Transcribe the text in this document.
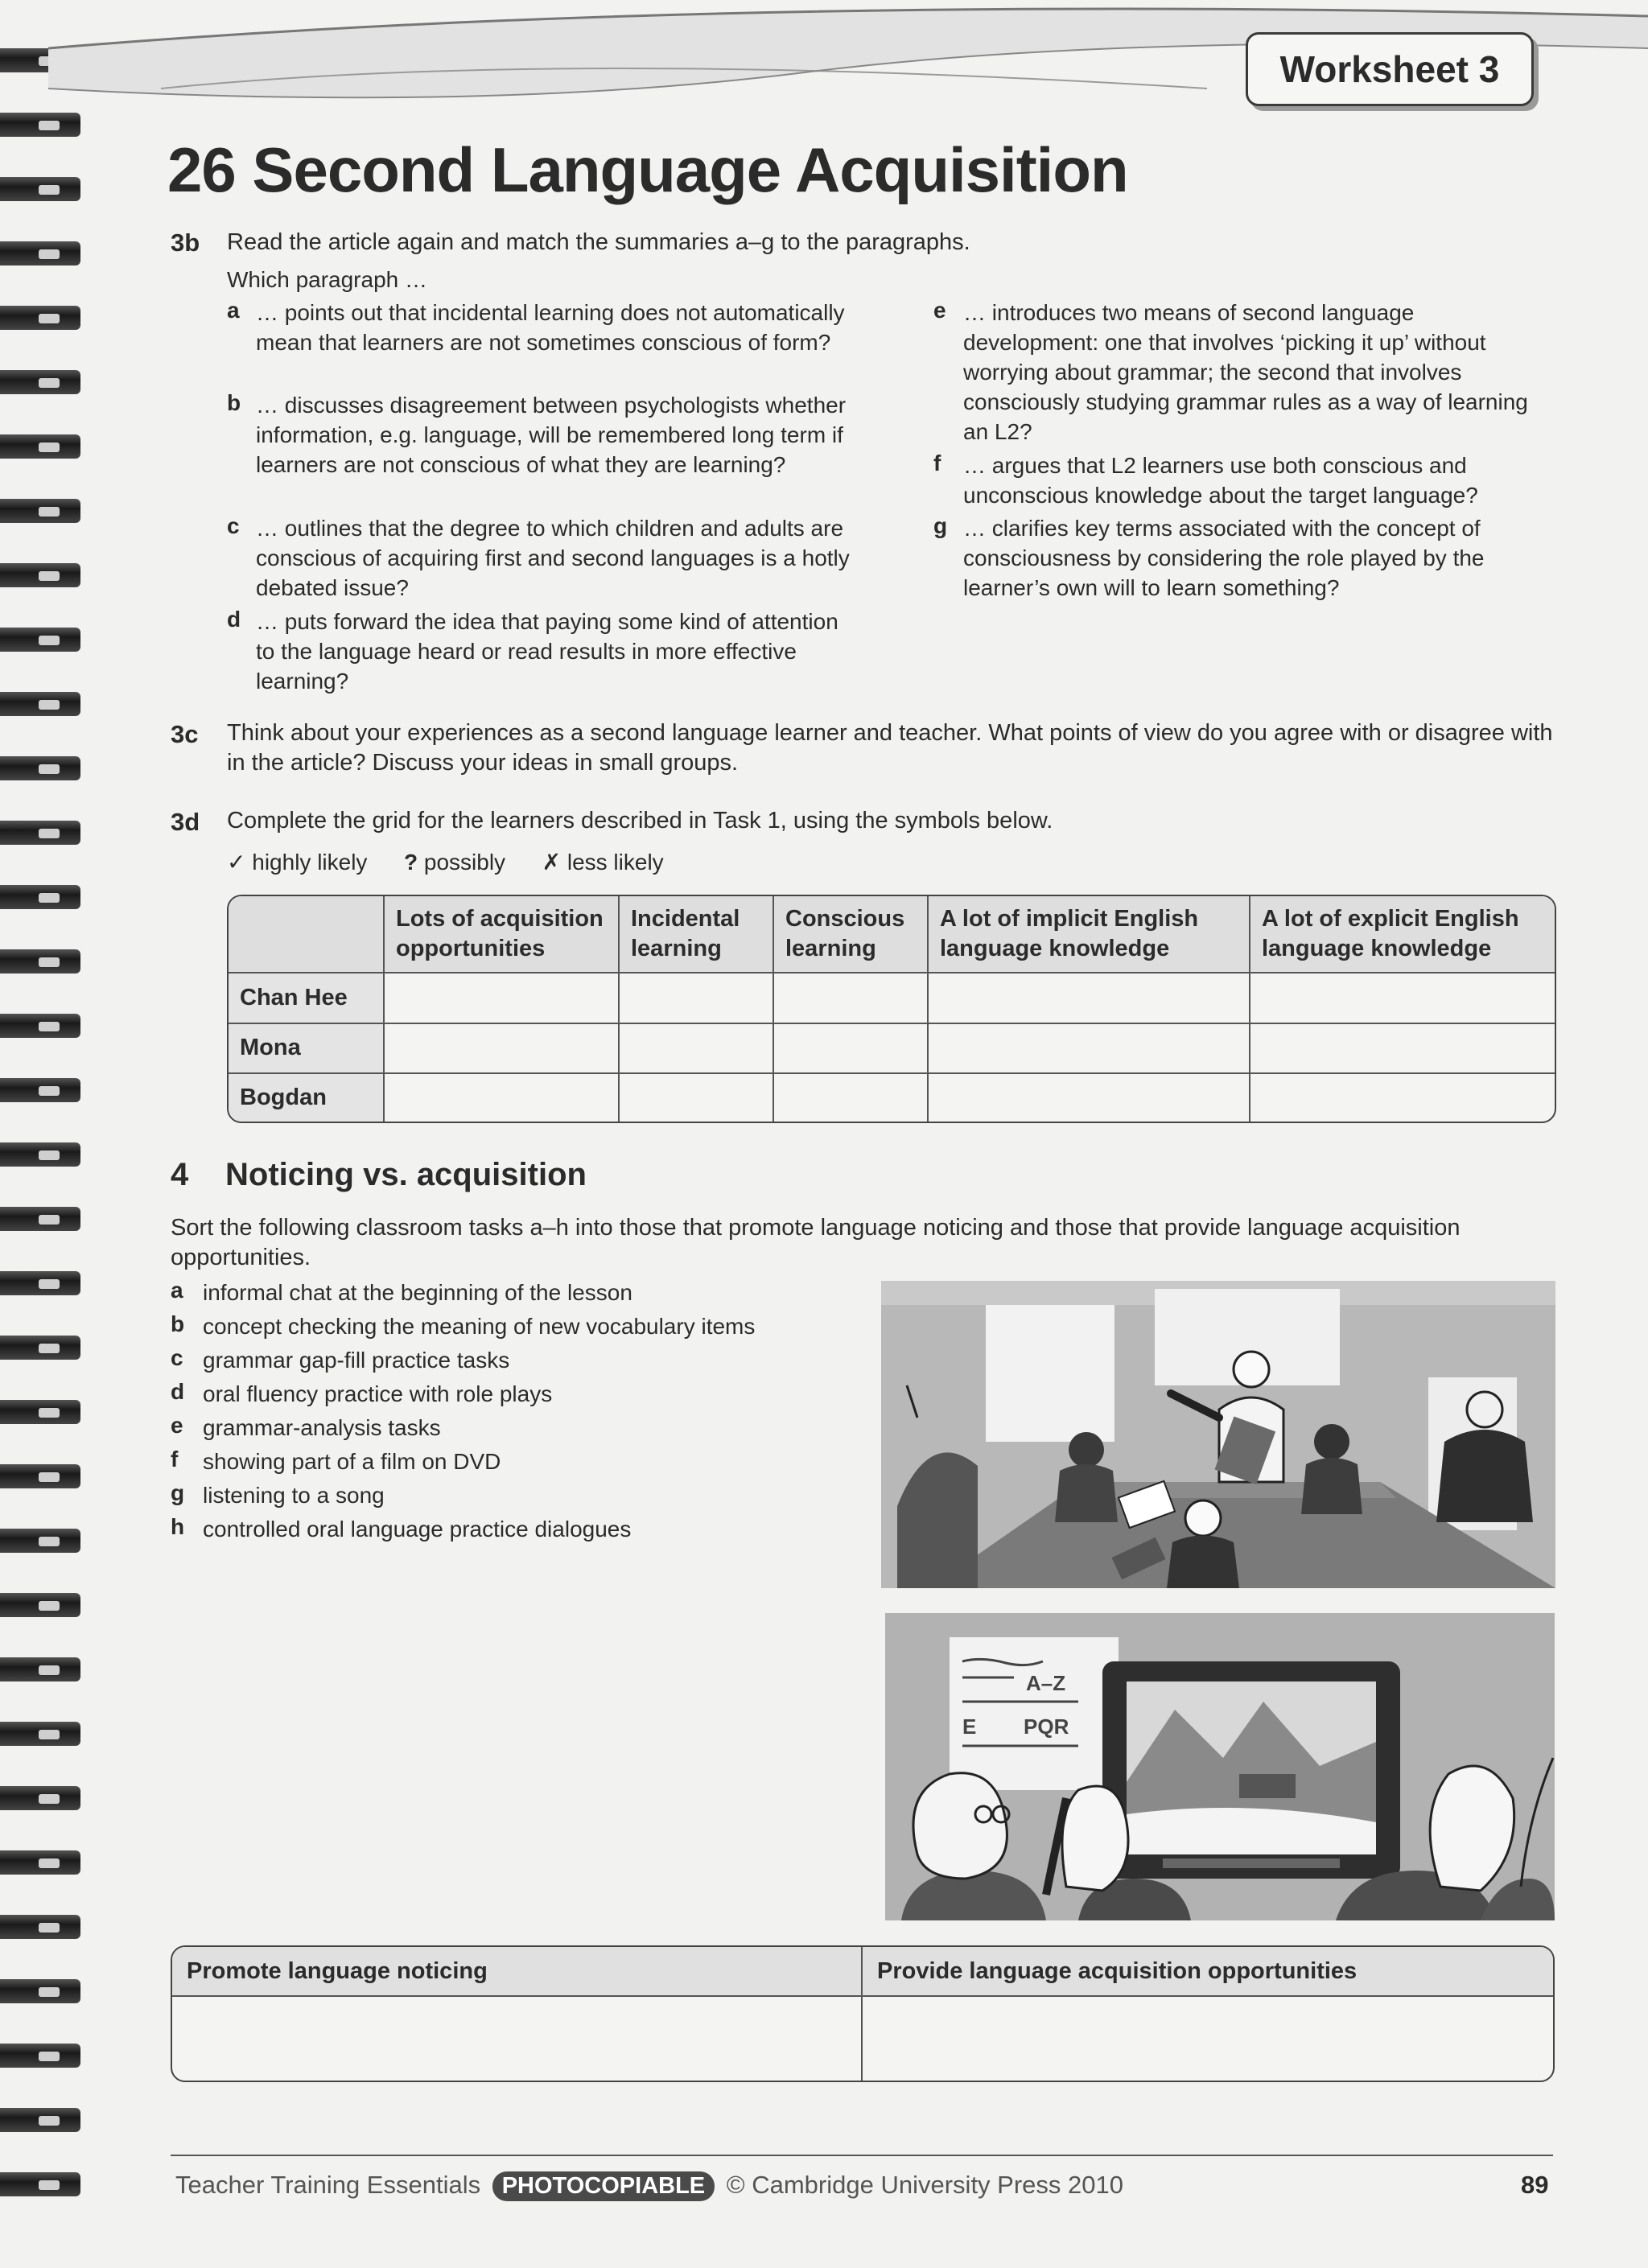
Worksheet 3
26 Second Language Acquisition
3b Read the article again and match the summaries a–g to the paragraphs.
Which paragraph …
a … points out that incidental learning does not automatically mean that learners are not sometimes conscious of form?
b … discusses disagreement between psychologists whether information, e.g. language, will be remembered long term if learners are not conscious of what they are learning?
c … outlines that the degree to which children and adults are conscious of acquiring first and second languages is a hotly debated issue?
d … puts forward the idea that paying some kind of attention to the language heard or read results in more effective learning?
e … introduces two means of second language development: one that involves ‘picking it up’ without worrying about grammar; the second that involves consciously studying grammar rules as a way of learning an L2?
f … argues that L2 learners use both conscious and unconscious knowledge about the target language?
g … clarifies key terms associated with the concept of consciousness by considering the role played by the learner’s own will to learn something?
3c Think about your experiences as a second language learner and teacher. What points of view do you agree with or disagree with in the article? Discuss your ideas in small groups.
3d Complete the grid for the learners described in Task 1, using the symbols below.
✓ highly likely ? possibly ✗ less likely
	Lots of acquisition opportunities	Incidental learning	Conscious learning	A lot of implicit English language knowledge	A lot of explicit English language knowledge
Chan Hee					
Mona					
Bogdan					
4 Noticing vs. acquisition
Sort the following classroom tasks a–h into those that promote language noticing and those that provide language acquisition opportunities.
a informal chat at the beginning of the lesson
b concept checking the meaning of new vocabulary items
c grammar gap-fill practice tasks
d oral fluency practice with role plays
e grammar-analysis tasks
f showing part of a film on DVD
g listening to a song
h controlled oral language practice dialogues
A–Z
E PQR
Promote language noticing	Provide language acquisition opportunities

Teacher Training Essentials PHOTOCOPIABLE © Cambridge University Press 2010	89
